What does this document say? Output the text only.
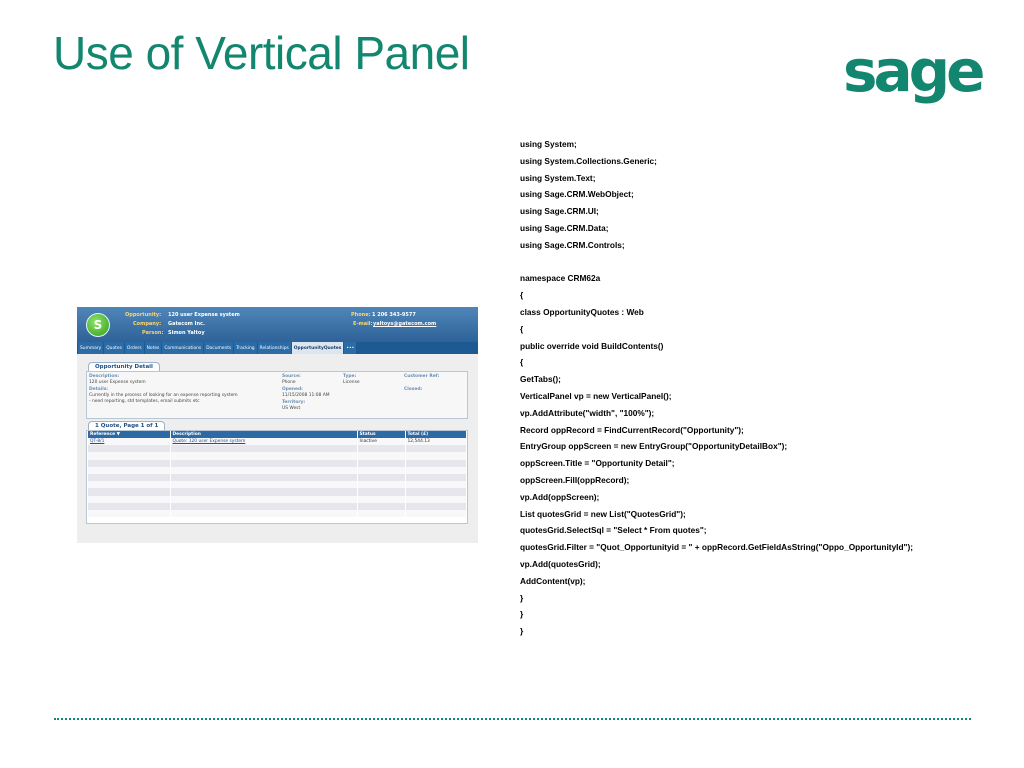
Use of Vertical Panel	sage
S
Opportunity: 120 user Expense system
Company: Gatecom Inc.
Person: Simon Yaltoy
Phone: 1 206 343-9577
E-mail: yaltoys@gatecom.com
Summary	Quotes	Orders	Notes	Communications	Documents	Tracking	Relationships	OpportunityQuotes	•••
Opportunity Detail
Description:
120 user Expense system
Details:
Currently in the process of looking for an expense reporting system
- need reporting, std templates, email submits etc
Source:
Phone
Type:
License
Customer Ref:
Opened:
11/15/2008 11:08 AM
Closed:
Territory:
US West
1 Quote, Page 1 of 1
Reference ▼	Description	Status	Total (£)
QT-8/1	Quote: 120 user Expense system	Inactive	12,544.13

using System;
using System.Collections.Generic;
using System.Text;
using Sage.CRM.WebObject;
using Sage.CRM.UI;
using Sage.CRM.Data;
using Sage.CRM.Controls;
namespace CRM62a
{
class OpportunityQuotes : Web
{
public override void BuildContents()
{
GetTabs();
VerticalPanel vp = new VerticalPanel();
vp.AddAttribute("width", "100%");
Record oppRecord = FindCurrentRecord("Opportunity");
EntryGroup oppScreen = new EntryGroup("OpportunityDetailBox");
oppScreen.Title = "Opportunity Detail";
oppScreen.Fill(oppRecord);
vp.Add(oppScreen);
List quotesGrid = new List("QuotesGrid");
quotesGrid.SelectSql = "Select * From quotes";
quotesGrid.Filter = "Quot_Opportunityid = " + oppRecord.GetFieldAsString("Oppo_OpportunityId");
vp.Add(quotesGrid);
AddContent(vp);
}
}
}
